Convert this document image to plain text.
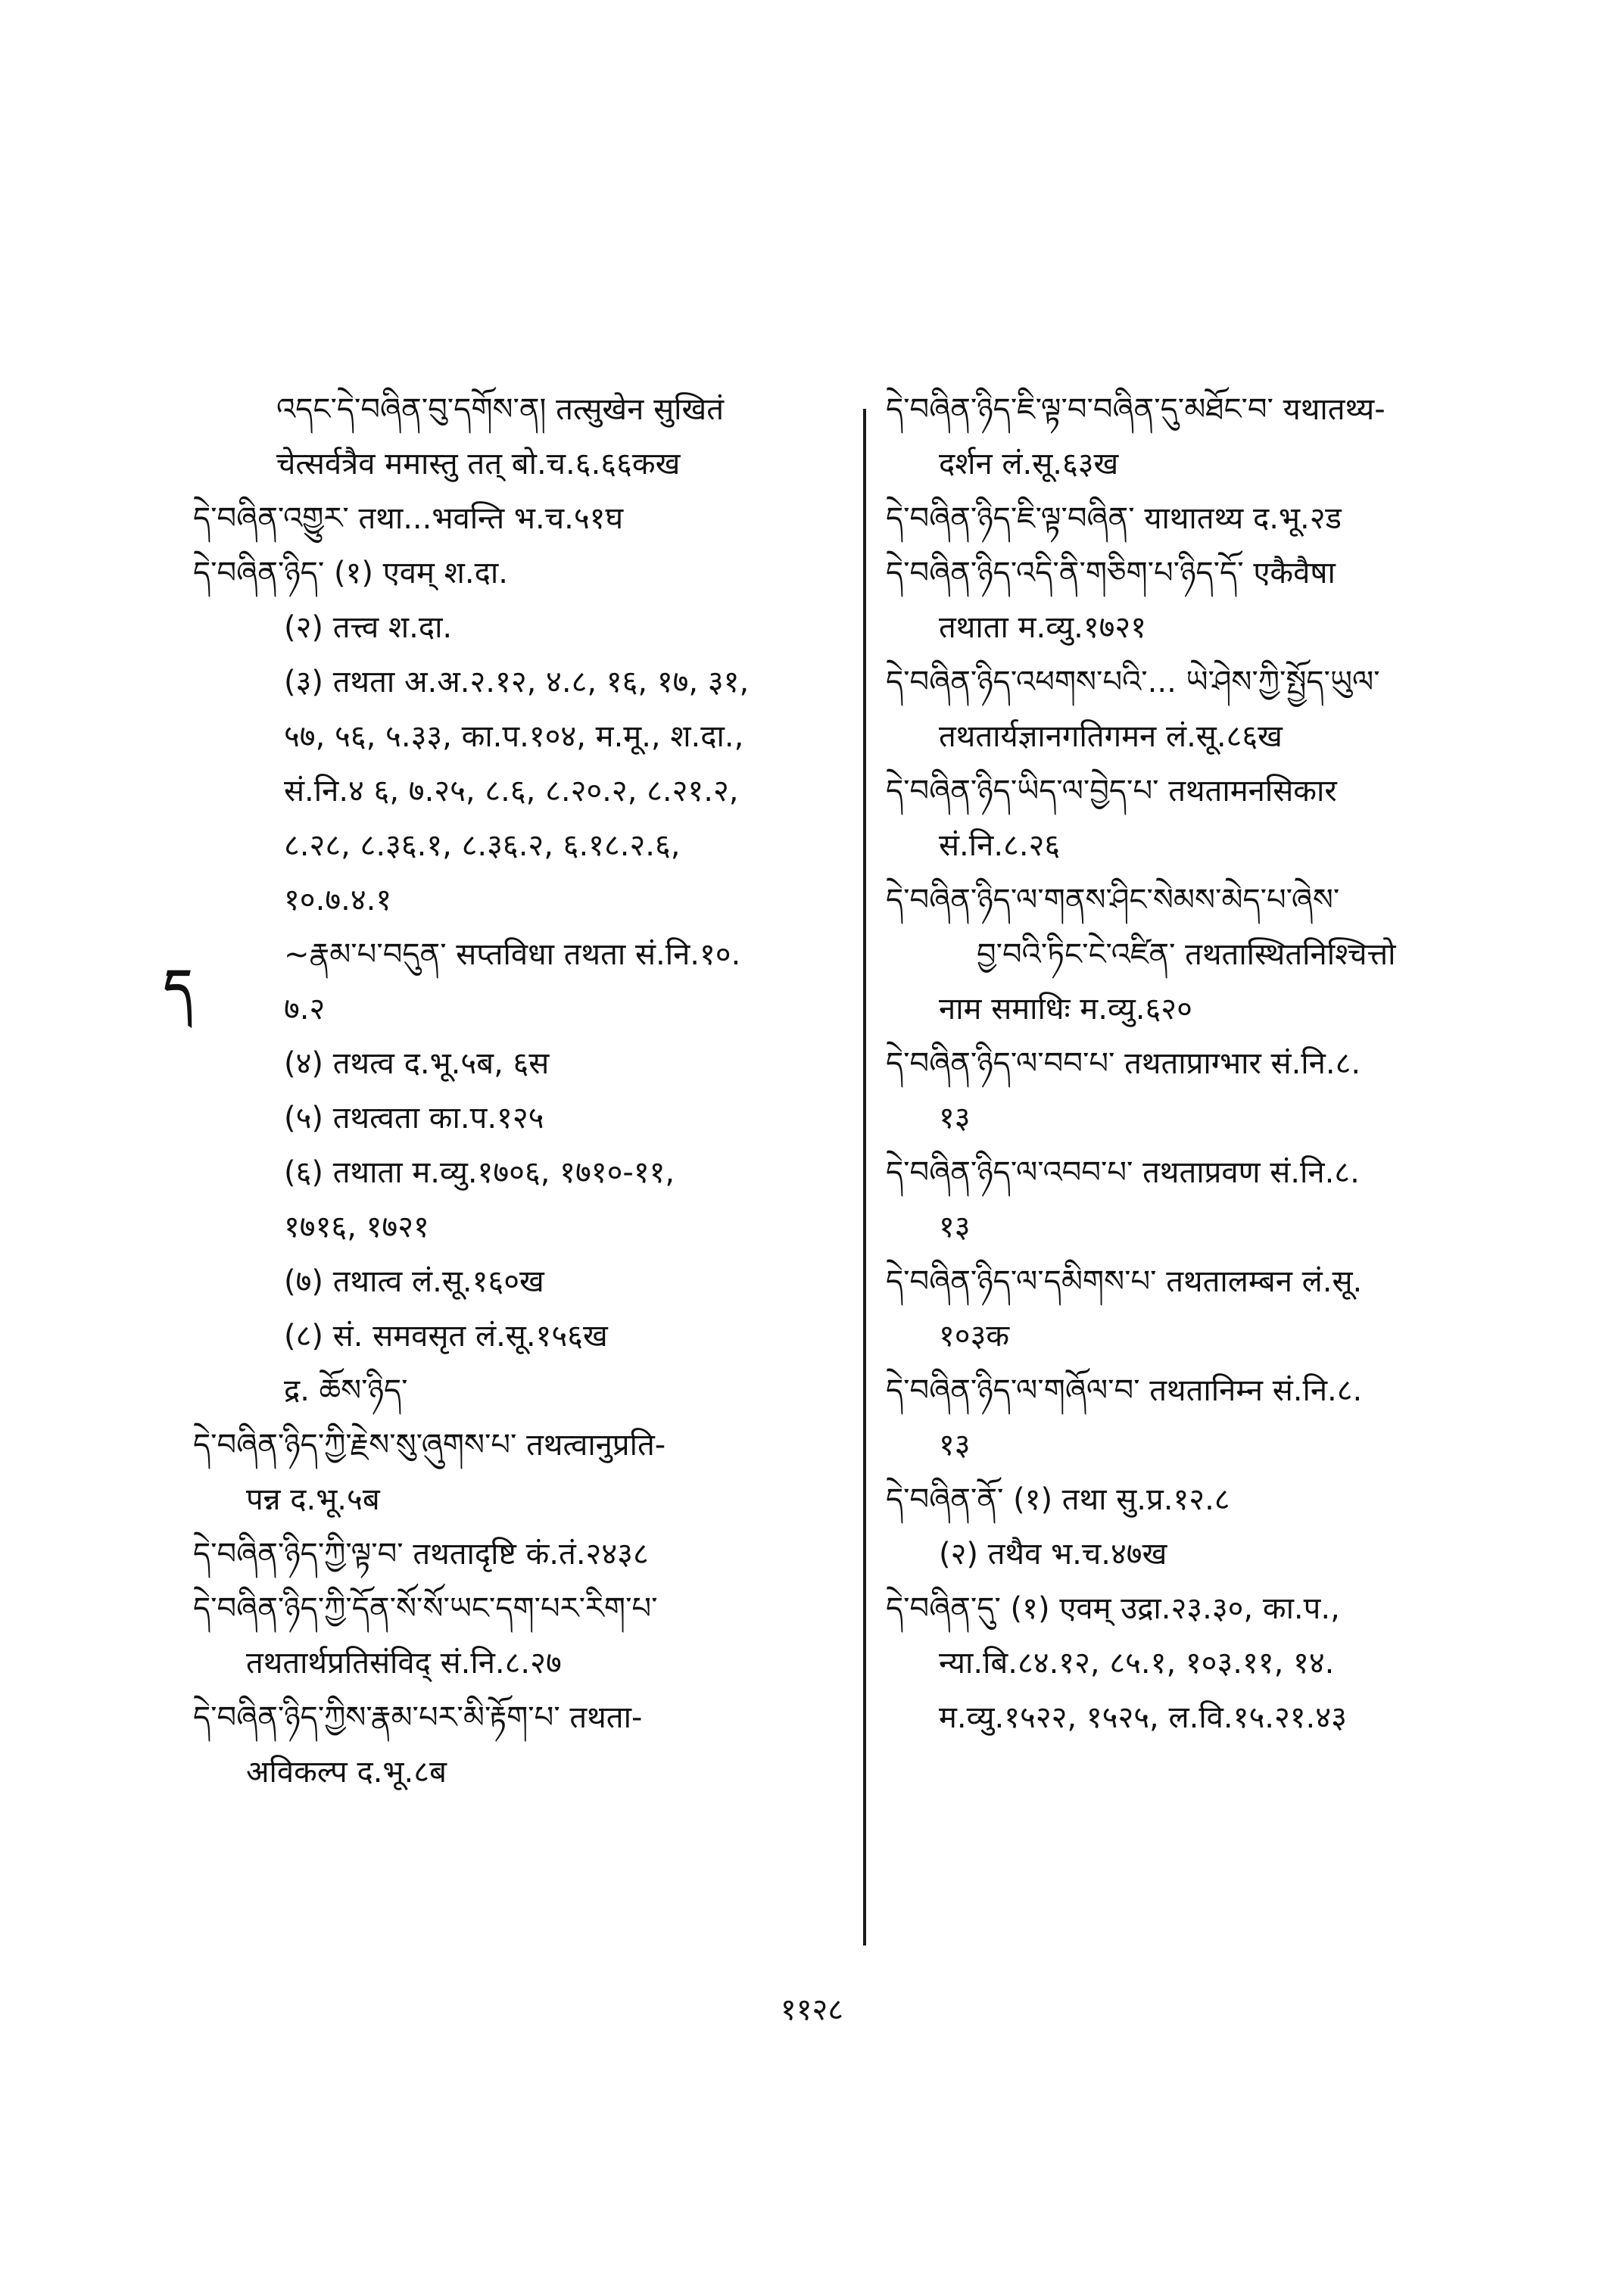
ད
འདང་དེ་བཞིན་བུ་དགོས་ན། तत्सुखेन सुखितं
चेत्सर्वत्रैव ममास्तु तत् बो.च.६.६६कख
དེ་བཞིན་འགྱུར་ तथा...भवन्ति भ.च.५१घ
དེ་བཞིན་ཉིད་ (१) एवम् श.दा.
(२) तत्त्व श.दा.
(३) तथता अ.अ.२.१२, ४.८, १६, १७, ३१,
५७, ५६, ५.३३, का.प.१०४, म.मू., श.दा.,
सं.नि.४ ६, ७.२५, ८.६, ८.२०.२, ८.२१.२,
८.२८, ८.३६.१, ८.३६.२, ६.१८.२.६,
१०.७.४.१
~རྣམ་པ་བདུན་ सप्तविधा तथता सं.नि.१०.
७.२
(४) तथत्व द.भू.५ब, ६स
(५) तथत्वता का.प.१२५
(६) तथाता म.व्यु.१७०६, १७१०-११,
१७१६, १७२१
(७) तथात्व लं.सू.१६०ख
(८) सं. समवसृत लं.सू.१५६ख
द्र. ཆོས་ཉིད་
དེ་བཞིན་ཉིད་ཀྱི་རྗེས་སུ་ཞུགས་པ་ तथत्वानुप्रति-
पन्न द.भू.५ब
དེ་བཞིན་ཉིད་ཀྱི་ལྟ་བ་ तथतादृष्टि कं.तं.२४३८
དེ་བཞིན་ཉིད་ཀྱི་དོན་སོ་སོ་ཡང་དག་པར་རིག་པ་
तथतार्थप्रतिसंविद् सं.नि.८.२७
དེ་བཞིན་ཉིད་ཀྱིས་རྣམ་པར་མི་རྟོག་པ་ तथता-
अविकल्प द.भू.८ब
དེ་བཞིན་ཉིད་ཇི་ལྟ་བ་བཞིན་དུ་མཐོང་བ་ यथातथ्य-
दर्शन लं.सू.६३ख
དེ་བཞིན་ཉིད་ཇི་ལྟ་བཞིན་ याथातथ्य द.भू.२ड
དེ་བཞིན་ཉིད་འདི་ནི་གཅིག་པ་ཉིད་དོ་ एकैवैषा
तथाता म.व्यु.१७२१
དེ་བཞིན་ཉིད་འཕགས་པའི་... ཡེ་ཤེས་ཀྱི་སྤྱོད་ཡུལ་
तथतार्यज्ञानगतिगमन लं.सू.८६ख
དེ་བཞིན་ཉིད་ཡིད་ལ་བྱེད་པ་ तथतामनसिकार
सं.नि.८.२६
དེ་བཞིན་ཉིད་ལ་གནས་ཤིང་སེམས་མེད་པ་ཞེས་
བྱ་བའི་ཏིང་ངེ་འཛིན་ तथतास्थितनिश्चित्तो
नाम समाधिः म.व्यु.६२०
དེ་བཞིན་ཉིད་ལ་བབ་པ་ तथताप्राग्भार सं.नि.८.
१३
དེ་བཞིན་ཉིད་ལ་འབབ་པ་ तथताप्रवण सं.नि.८.
१३
དེ་བཞིན་ཉིད་ལ་དམིགས་པ་ तथतालम्बन लं.सू.
१०३क
དེ་བཞིན་ཉིད་ལ་གཞོལ་བ་ तथतानिम्न सं.नि.८.
१३
དེ་བཞིན་ནོ་ (१) तथा सु.प्र.१२.८
(२) तथैव भ.च.४७ख
དེ་བཞིན་དུ་ (१) एवम् उद्रा.२३.३०, का.प.,
न्या.बि.८४.१२, ८५.१, १०३.११, १४.
म.व्यु.१५२२, १५२५, ल.वि.१५.२१.४३
११२८
